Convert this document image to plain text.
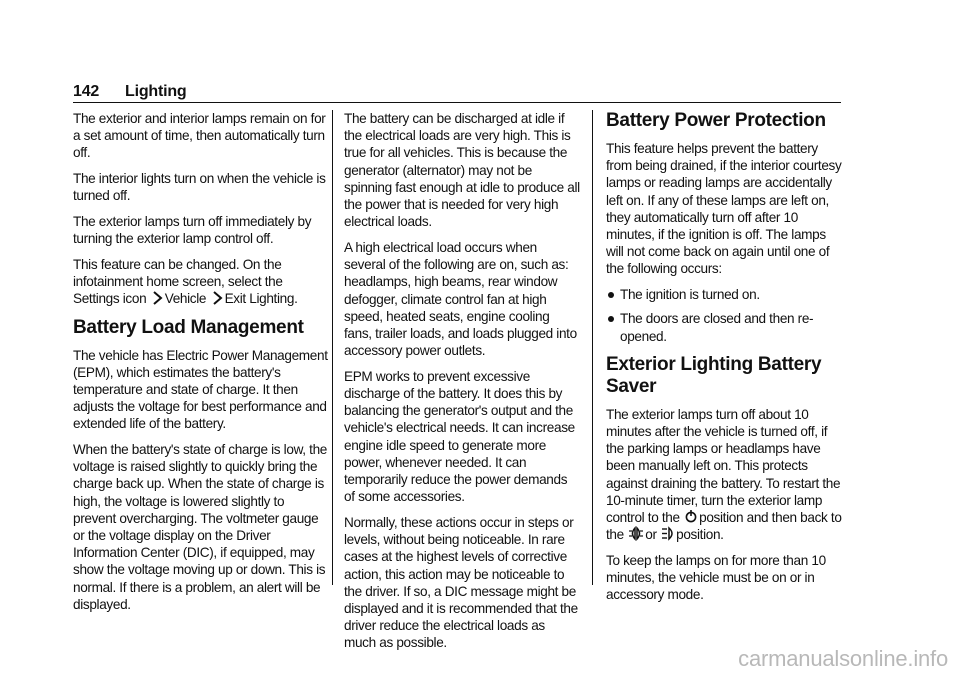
142 Lighting

The exterior and interior lamps remain on for a set amount of time, then automatically turn off.

The interior lights turn on when the vehicle is turned off.

The exterior lamps turn off immediately by turning the exterior lamp control off.

This feature can be changed. On the infotainment home screen, select the Settings icon Vehicle Exit Lighting.

Battery Load Management

The vehicle has Electric Power Management (EPM), which estimates the battery's temperature and state of charge. It then adjusts the voltage for best performance and extended life of the battery.

When the battery's state of charge is low, the voltage is raised slightly to quickly bring the charge back up. When the state of charge is high, the voltage is lowered slightly to prevent overcharging. The voltmeter gauge or the voltage display on the Driver Information Center (DIC), if equipped, may show the voltage moving up or down. This is normal. If there is a problem, an alert will be displayed.

The battery can be discharged at idle if the electrical loads are very high. This is true for all vehicles. This is because the generator (alternator) may not be spinning fast enough at idle to produce all the power that is needed for very high electrical loads.

A high electrical load occurs when several of the following are on, such as: headlamps, high beams, rear window defogger, climate control fan at high speed, heated seats, engine cooling fans, trailer loads, and loads plugged into accessory power outlets.

EPM works to prevent excessive discharge of the battery. It does this by balancing the generator's output and the vehicle's electrical needs. It can increase engine idle speed to generate more power, whenever needed. It can temporarily reduce the power demands of some accessories.

Normally, these actions occur in steps or levels, without being noticeable. In rare cases at the highest levels of corrective action, this action may be noticeable to the driver. If so, a DIC message might be displayed and it is recommended that the driver reduce the electrical loads as much as possible.

Battery Power Protection

This feature helps prevent the battery from being drained, if the interior courtesy lamps or reading lamps are accidentally left on. If any of these lamps are left on, they automatically turn off after 10 minutes, if the ignition is off. The lamps will not come back on again until one of the following occurs:

The ignition is turned on.
The doors are closed and then re-opened.
Exterior Lighting Battery Saver

The exterior lamps turn off about 10 minutes after the vehicle is turned off, if the parking lamps or headlamps have been manually left on. This protects against draining the battery. To restart the 10-minute timer, turn the exterior lamp control to the position and then back to the or position.

To keep the lamps on for more than 10 minutes, the vehicle must be on or in accessory mode.

carmanualsonline.info
